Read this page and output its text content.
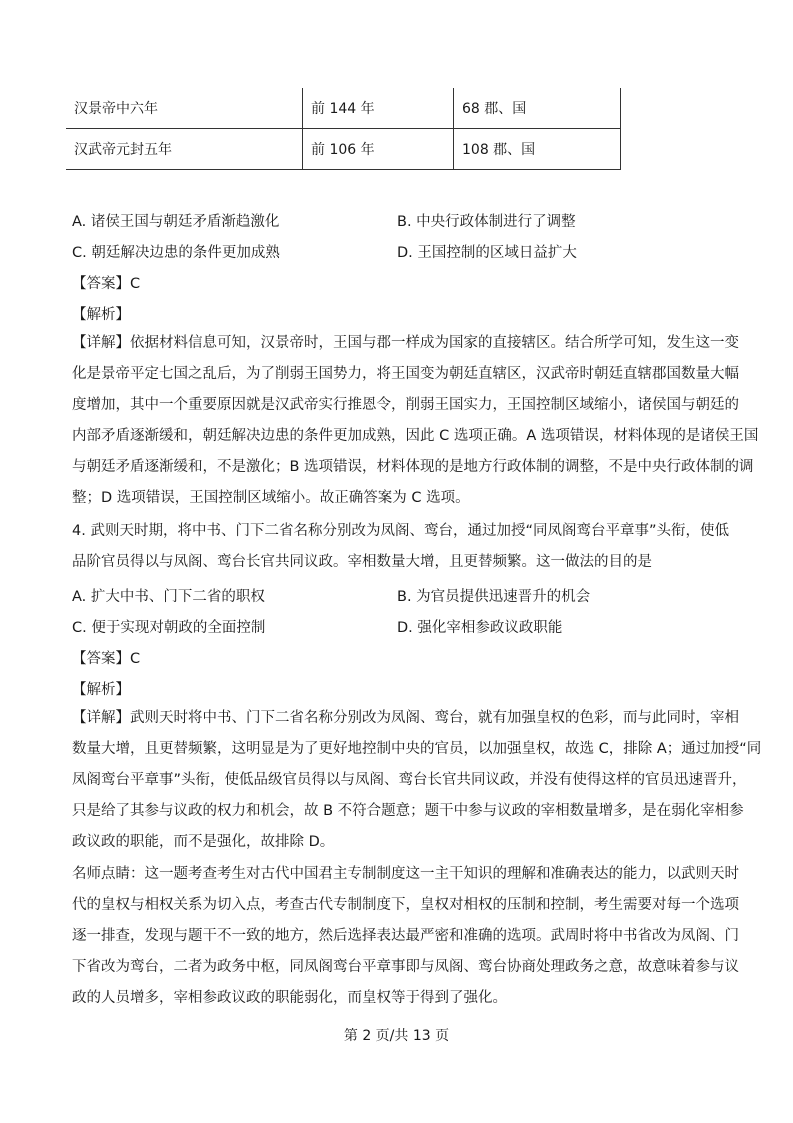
汉景帝中六年	前 144 年	68 郡、国
汉武帝元封五年	前 106 年	108 郡、国
A. 诸侯王国与朝廷矛盾渐趋激化	B. 中央行政体制进行了调整
C. 朝廷解决边患的条件更加成熟	D. 王国控制的区域日益扩大
【答案】C
【解析】
【详解】依据材料信息可知，汉景帝时，王国与郡一样成为国家的直接辖区。结合所学可知，发生这一变
化是景帝平定七国之乱后，为了削弱王国势力，将王国变为朝廷直辖区，汉武帝时朝廷直辖郡国数量大幅
度增加，其中一个重要原因就是汉武帝实行推恩令，削弱王国实力，王国控制区域缩小，诸侯国与朝廷的
内部矛盾逐渐缓和，朝廷解决边患的条件更加成熟，因此 C 选项正确。A 选项错误，材料体现的是诸侯王国
与朝廷矛盾逐渐缓和，不是激化；B 选项错误，材料体现的是地方行政体制的调整，不是中央行政体制的调
整；D 选项错误，王国控制区域缩小。故正确答案为 C 选项。
4. 武则天时期，将中书、门下二省名称分别改为凤阁、鸾台，通过加授“同凤阁鸾台平章事”头衔，使低
品阶官员得以与凤阁、鸾台长官共同议政。宰相数量大增，且更替频繁。这一做法的目的是
A. 扩大中书、门下二省的职权	B. 为官员提供迅速晋升的机会
C. 便于实现对朝政的全面控制	D. 强化宰相参政议政职能
【答案】C
【解析】
【详解】武则天时将中书、门下二省名称分别改为凤阁、鸾台，就有加强皇权的色彩，而与此同时，宰相
数量大增，且更替频繁，这明显是为了更好地控制中央的官员，以加强皇权，故选 C，排除 A；通过加授“同
凤阁鸾台平章事”头衔，使低品级官员得以与凤阁、鸾台长官共同议政，并没有使得这样的官员迅速晋升，
只是给了其参与议政的权力和机会，故 B 不符合题意；题干中参与议政的宰相数量增多，是在弱化宰相参
政议政的职能，而不是强化，故排除 D。
名师点睛：这一题考查考生对古代中国君主专制制度这一主干知识的理解和准确表达的能力，以武则天时
代的皇权与相权关系为切入点，考查古代专制制度下，皇权对相权的压制和控制，考生需要对每一个选项
逐一排查，发现与题干不一致的地方，然后选择表达最严密和准确的选项。武周时将中书省改为凤阁、门
下省改为鸾台，二者为政务中枢，同凤阁鸾台平章事即与凤阁、鸾台协商处理政务之意，故意味着参与议
政的人员增多，宰相参政议政的职能弱化，而皇权等于得到了强化。
第 2 页/共 13 页
